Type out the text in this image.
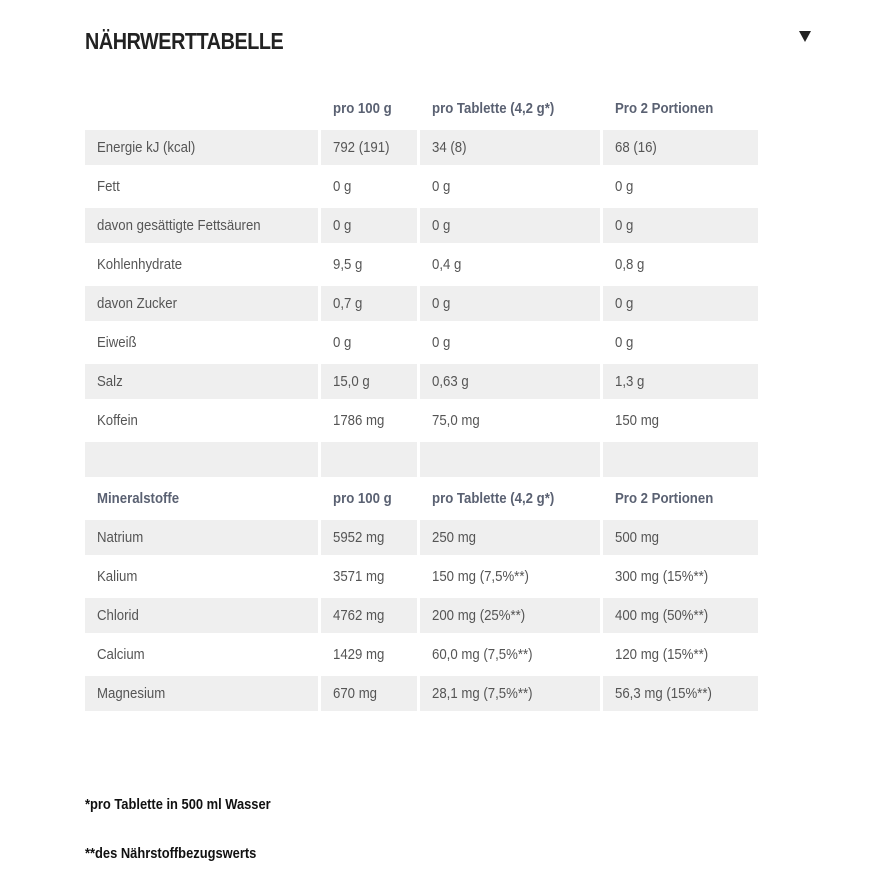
NÄHRWERTTABELLE
	pro 100 g	pro Tablette (4,2 g*)	Pro 2 Portionen
Energie kJ (kcal)	792 (191)	34 (8)	68 (16)
Fett	0 g	0 g	0 g
davon gesättigte Fettsäuren	0 g	0 g	0 g
Kohlenhydrate	9,5 g	0,4 g	0,8 g
davon Zucker	0,7 g	0 g	0 g
Eiweiß	0 g	0 g	0 g
Salz	15,0 g	0,63 g	1,3 g
Koffein	1786 mg	75,0 mg	150 mg

Mineralstoffe	pro 100 g	pro Tablette (4,2 g*)	Pro 2 Portionen
Natrium	5952 mg	250 mg	500 mg
Kalium	3571 mg	150 mg (7,5%**)	300 mg (15%**)
Chlorid	4762 mg	200 mg (25%**)	400 mg (50%**)
Calcium	1429 mg	60,0 mg (7,5%**)	120 mg (15%**)
Magnesium	670 mg	28,1 mg (7,5%**)	56,3 mg (15%**)
*pro Tablette in 500 ml Wasser
**des Nährstoffbezugswerts
